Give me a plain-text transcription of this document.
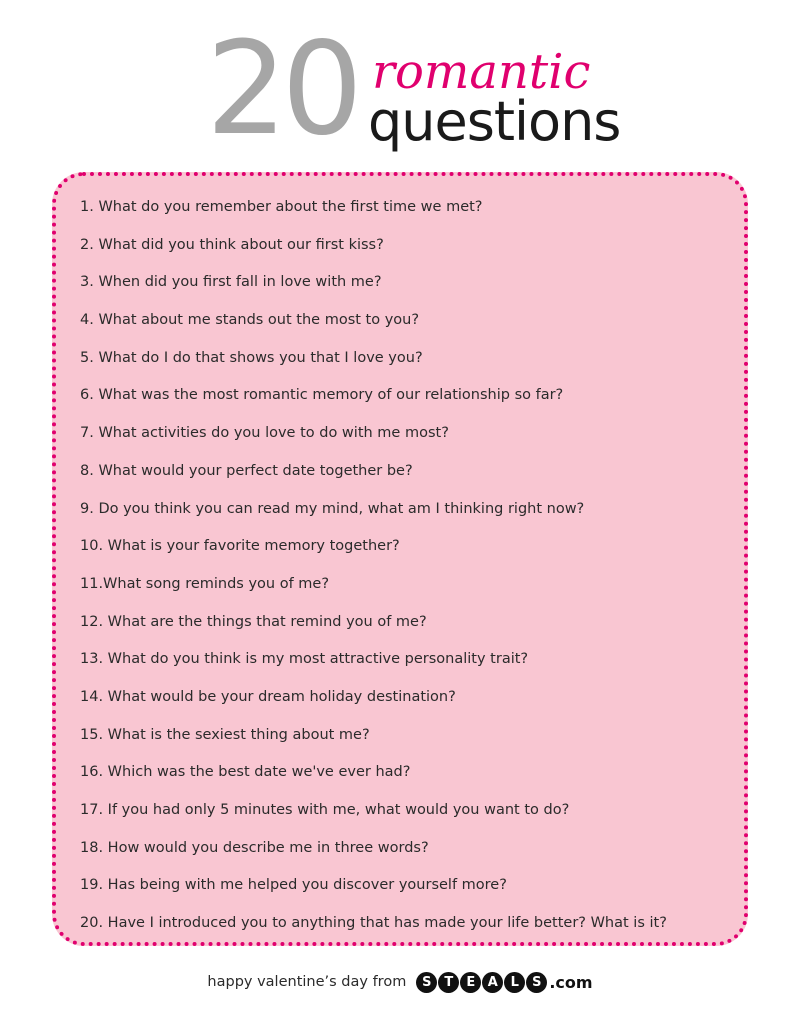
20 romantic
questions
1. What do you remember about the first time we met?
2. What did you think about our first kiss?
3. When did you first fall in love with me?
4. What about me stands out the most to you?
5. What do I do that shows you that I love you?
6. What was the most romantic memory of our relationship so far?
7. What activities do you love to do with me most?
8. What would your perfect date together be?
9. Do you think you can read my mind, what am I thinking right now?
10. What is your favorite memory together?
11.What song reminds you of me?
12. What are the things that remind you of me?
13. What do you think is my most attractive personality trait?
14. What would be your dream holiday destination?
15. What is the sexiest thing about me?
16. Which was the best date we've ever had?
17. If you had only 5 minutes with me, what would you want to do?
18. How would you describe me in three words?
19. Has being with me helped you discover yourself more?
20. Have I introduced you to anything that has made your life better? What is it?
happy valentine’s day from	S T	E A L	S .com
